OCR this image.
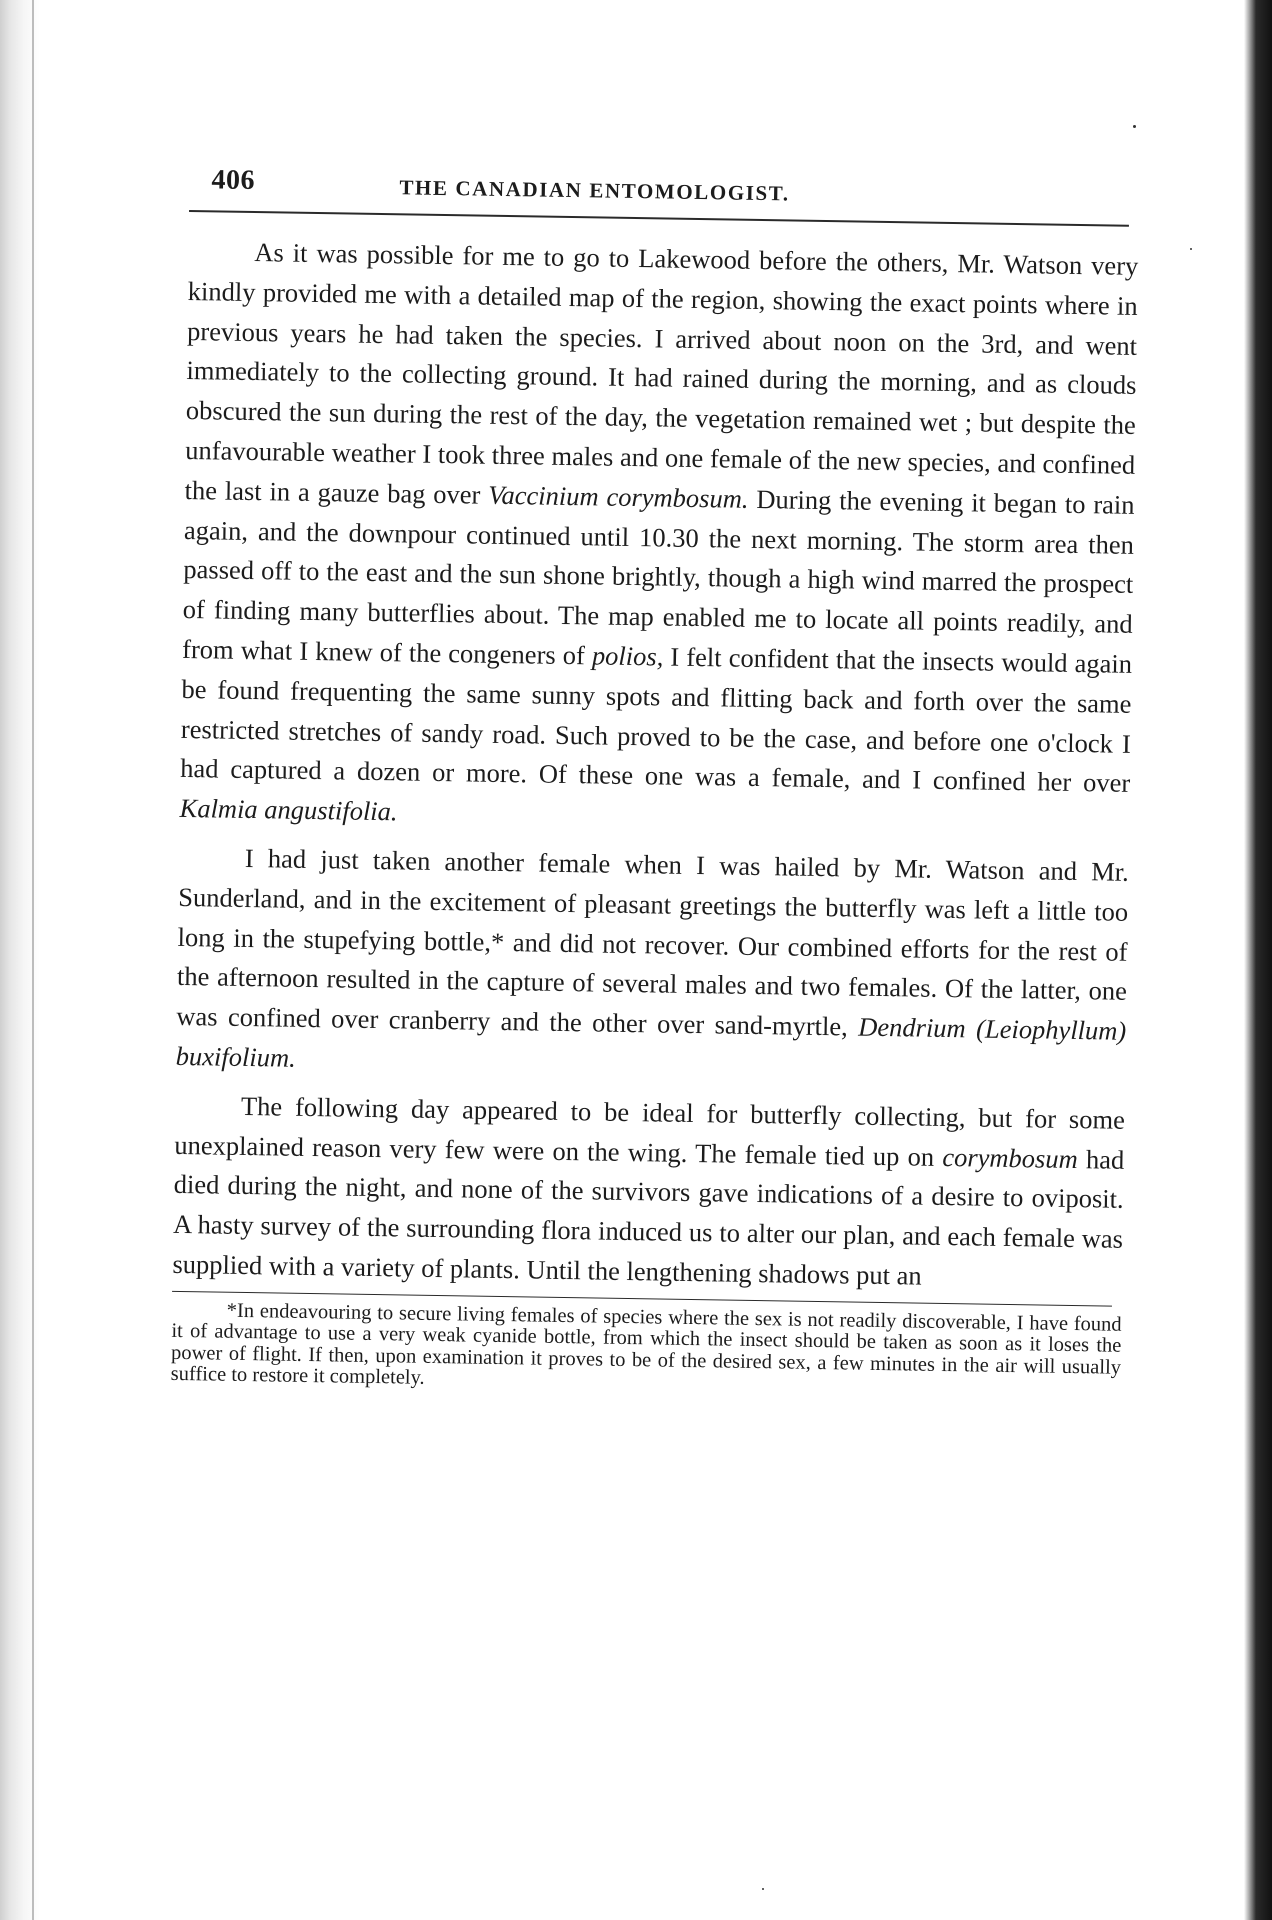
406	THE CANADIAN ENTOMOLOGIST.

As it was possible for me to go to Lakewood before the others, Mr. Watson very kindly provided me with a detailed map of the region, showing the exact points where in previous years he had taken the species. I arrived about noon on the 3rd, and went immediately to the collecting ground. It had rained during the morning, and as clouds obscured the sun during the rest of the day, the vegetation remained wet ; but despite the unfavourable weather I took three males and one female of the new species, and confined the last in a gauze bag over Vaccinium corymbosum. During the evening it began to rain again, and the downpour continued until 10.30 the next morning. The storm area then passed off to the east and the sun shone brightly, though a high wind marred the prospect of finding many butterflies about. The map enabled me to locate all points readily, and from what I knew of the congeners of polios, I felt confident that the insects would again be found frequenting the same sunny spots and flitting back and forth over the same restricted stretches of sandy road. Such proved to be the case, and before one o'clock I had captured a dozen or more. Of these one was a female, and I confined her over Kalmia angustifolia.

I had just taken another female when I was hailed by Mr. Watson and Mr. Sunderland, and in the excitement of pleasant greetings the butterfly was left a little too long in the stupefying bottle,* and did not recover. Our combined efforts for the rest of the afternoon resulted in the capture of several males and two females. Of the latter, one was confined over cranberry and the other over sand-myrtle, Dendrium (Leiophyllum) buxifolium.

The following day appeared to be ideal for butterfly collecting, but for some unexplained reason very few were on the wing. The female tied up on corymbosum had died during the night, and none of the survivors gave indications of a desire to oviposit. A hasty survey of the surrounding flora induced us to alter our plan, and each female was supplied with a variety of plants. Until the lengthening shadows put an

*In endeavouring to secure living females of species where the sex is not readily discoverable, I have found it of advantage to use a very weak cyanide bottle, from which the insect should be taken as soon as it loses the power of flight. If then, upon examination it proves to be of the desired sex, a few minutes in the air will usually suffice to restore it completely.
